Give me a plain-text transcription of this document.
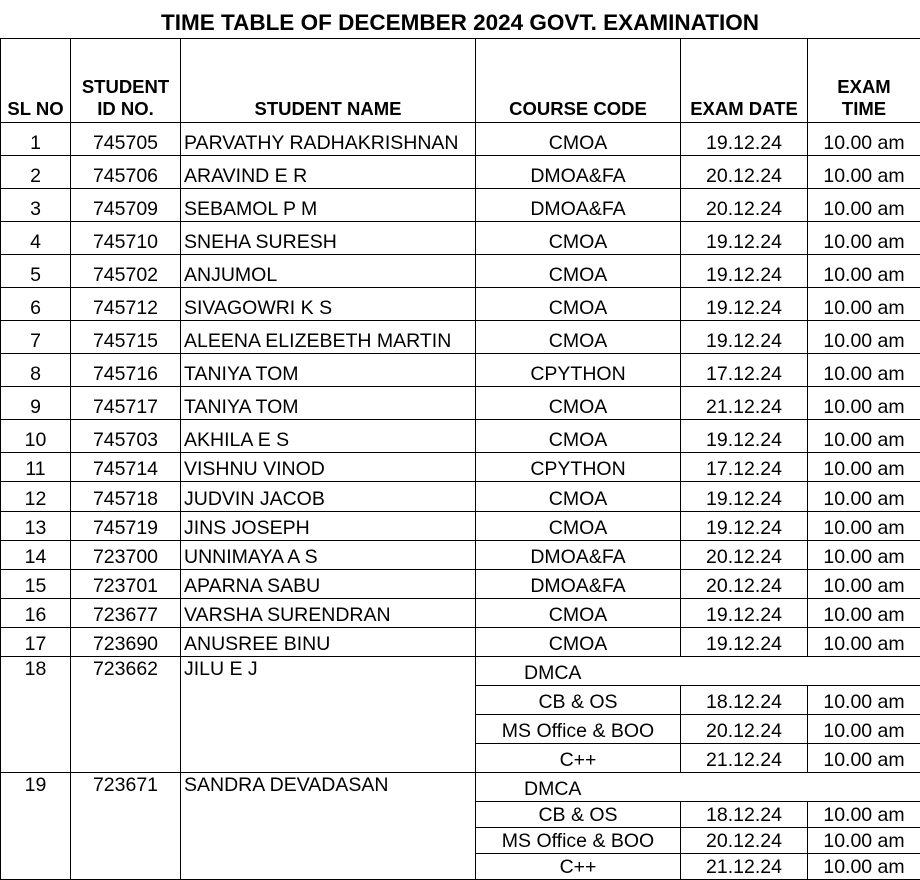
TIME TABLE OF DECEMBER 2024 GOVT. EXAMINATION
SL NO	STUDENT ID NO.	STUDENT NAME	COURSE CODE	EXAM DATE	EXAM TIME
1	745705	PARVATHY RADHAKRISHNAN	CMOA	19.12.24	10.00 am
2	745706	ARAVIND E R	DMOA&FA	20.12.24	10.00 am
3	745709	SEBAMOL P M	DMOA&FA	20.12.24	10.00 am
4	745710	SNEHA SURESH	CMOA	19.12.24	10.00 am
5	745702	ANJUMOL	CMOA	19.12.24	10.00 am
6	745712	SIVAGOWRI K S	CMOA	19.12.24	10.00 am
7	745715	ALEENA ELIZEBETH MARTIN	CMOA	19.12.24	10.00 am
8	745716	TANIYA TOM	CPYTHON	17.12.24	10.00 am
9	745717	TANIYA TOM	CMOA	21.12.24	10.00 am
10	745703	AKHILA E S	CMOA	19.12.24	10.00 am
11	745714	VISHNU VINOD	CPYTHON	17.12.24	10.00 am
12	745718	JUDVIN JACOB	CMOA	19.12.24	10.00 am
13	745719	JINS JOSEPH	CMOA	19.12.24	10.00 am
14	723700	UNNIMAYA A S	DMOA&FA	20.12.24	10.00 am
15	723701	APARNA SABU	DMOA&FA	20.12.24	10.00 am
16	723677	VARSHA SURENDRAN	CMOA	19.12.24	10.00 am
17	723690	ANUSREE BINU	CMOA	19.12.24	10.00 am
18	723662	JILU E J	DMCA		
			CB & OS	18.12.24	10.00 am
			MS Office & BOO	20.12.24	10.00 am
			C++	21.12.24	10.00 am
19	723671	SANDRA DEVADASAN	DMCA		
			CB & OS	18.12.24	10.00 am
			MS Office & BOO	20.12.24	10.00 am
			C++	21.12.24	10.00 am
